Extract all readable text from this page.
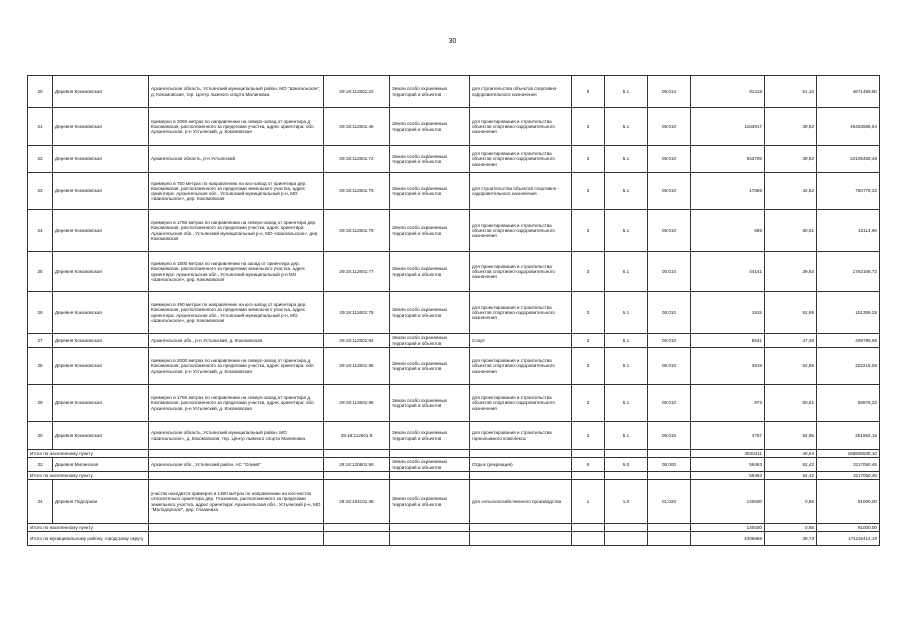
30
20	Деревня Кокомовская	Архангельская область, Устьянский муниципальный район, МО "Шангальское", д. Кокомовская, тер. Центр лыжного спорта Малиновка	29:18:112601:22	Земли особо охраняемых территорий и объектов	для строительства объектов спортивно-оздоровительного назначения	5	5.1	05:014	91418	51,10	4671459,80
21	Деревня Кокомовская	примерно в 2050 метрах по направлению на северо-запад от ориентира д. Кокомовская, расположенного за пределами участка, адрес ориентира: обл. Архангельская, р-н Устьянский, д. Кокомовская	29:18:112601:46	Земли особо охраняемых территорий и объектов	для проектирования и строительства объектов спортивно-оздоровительного назначения	3	5.1	05:010	1163917	39,92	46463566,64
22	Деревня Кокомовская	Архангельская область, р-н Устьянский	29:18:112601:72	Земли особо охраняемых территорий и объектов	для проектирования и строительства объектов спортивно-оздоровительного назначения	3	5.1	05:010	553769	39,92	22106458,48
23	Деревня Кокомовская	примерно в 750 метрах по направлению на юго-запад от ориентира дер. Кокомовская, расположенного за пределами земельного участка, адрес ориентира: Архангельская обл., Устьянский муниципальный р-н, МО «Шангальское», дер. Кокомовская	29:18:112601:75	Земли особо охраняемых территорий и объектов	для строительства объектов спортивно - оздоровительного назначения	3	5.1	05:010	17866	42,62	760779,32
24	Деревня Кокомовская	примерно в 1750 метрах по направлению на северо-запад от ориентира дер. Кокомовская, расположенного за пределами участка, адрес ориентира: Архангельская обл., Устьянский муниципальный р-н, МО «Шангальское», дер. Кокомовская	29:18:112601:76	Земли особо охраняемых территорий и объектов	для проектирования и строительства объектов спортивно-оздоровительного назначения	3	5.1	05:010	696	60,51	42114,96
25	Деревня Кокомовская	примерно в 1800 метрах по направлению на запад от ориентира дер. Кокомовская, расположенного за пределами земельного участка, адрес ориентира: Архангельская обл., Устьянский муниципальный р-н МО «Шангальское», дер. Кокомовская	29:18:112601:77	Земли особо охраняемых территорий и объектов	для проектирования и строительства объектов спортивно-оздоровительного назначения	3	5.1	05:010	44141	39,92	1762108,72
26	Деревня Кокомовская	примерно в 490 метрах по направлению на юго-запад от ориентира дер. Кокомовская, расположенного за пределами земельного участка, адрес ориентира: Архангельская обл., Устьянский муниципальный р-н, МО «Шангальское», дер. Кокомовская	29:18:112601:78	Земли особо охраняемых территорий и объектов	для проектирования и строительства объектов спортивно-оздоровительного назначения	3	5.1	05:010	1915	52,95	101399,25
27	Деревня Кокомовская	Архангельская обл., р-н Устьянский, д. Кокомовская	29:18:112601:84	Земли особо охраняемых территорий и объектов	Спорт	3	5.1	05:010	8631	47,48	409799,88
28	Деревня Кокомовская	примерно в 2000 метрах по направлению на северо-запад от ориентира д. Кокомовская, расположенного за пределами участка, адрес ориентира: обл. Архангельская, р-н Устьянский, д. Кокомовская	29:18:112601:85	Земли особо охраняемых территорий и объектов	для проектирования и строительства объектов спортивно-оздоровительного назначения	3	5.1	05:010	3819	52,95	202216,05
29	Деревня Кокомовская	примерно в 1750 метрах по направлению на северо-запад от ориентира д. Кокомовская, расположенного за пределами участка, адрес ориентира: обл. Архангельская, р-н Устьянский, д. Кокомовская	29:18:112601:86	Земли особо охраняемых территорий и объектов	для проектирования и строительства объектов спортивно-оздоровительного назначения	3	5.1	05:010	973	60,51	58876,23
30	Деревня Кокомовская	Архангельская область, Устьянский муниципальный район, МО «Шангальское», д. Кокомовская, тер. Центр лыжного спорта Малиновка	29:18:112601:9	Земли особо охраняемых территорий и объектов	для проектирования и строительства горнолыжного комплекса	3	5.1	05:010	4757	52,95	251883,15
Итого по населенному пункту									3920411	40,54	158936539,10
32	Деревня Милинская	Архангельская обл., Устьянский район, АС "Олимп"	29:18:120601:66	Земли особо охраняемых территорий и объектов	Отдых (рекреация)	5	5.0	05:000	59463	52,42	3117050,46
Итого по населенному пункту									59463	52,42	3117050,46
34	Деревня Подгорная	участок находится примерно в 1300 метрах по направлению на юго-восток относительно ориентира дер. Глазаниха, расположенного за пределами земельного участка, адрес ориентира: Архангельская обл., Устьянский р-н, МО "Малодорское", дер. Глазаниха	29:18:163101:45	Земли особо охраняемых территорий и объектов	для сельскохозяйственного производства	1	1.0	01:020	140000	0,65	91000,00
Итого по населенному пункту									140000	0,65	91000,00
Итого по муниципальному району, городскому округу									4306666	39,73	171116412,19
